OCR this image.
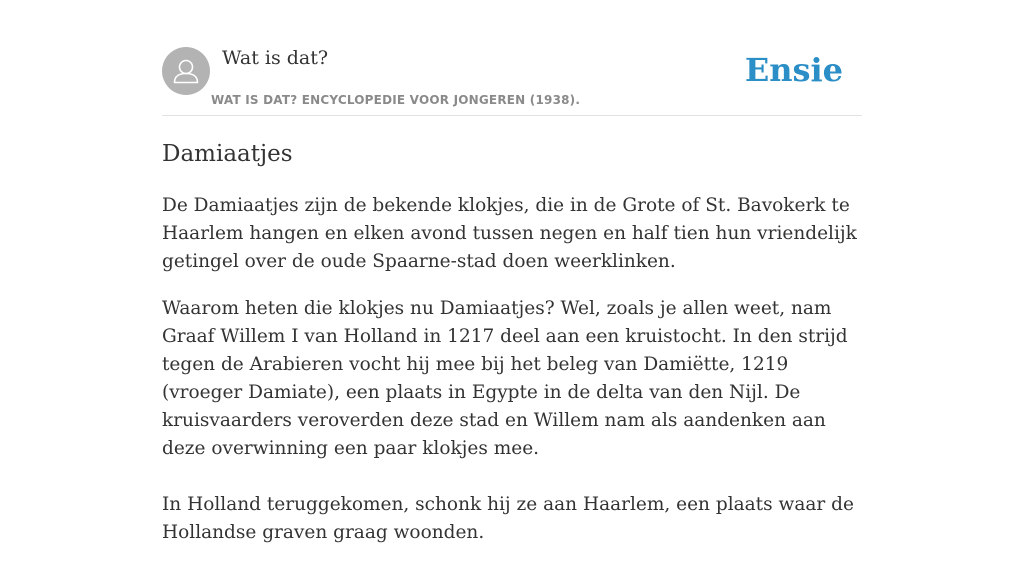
Wat is dat?
WAT IS DAT? ENCYCLOPEDIE VOOR JONGEREN (1938).
Ensie
Damiaatjes

De Damiaatjes zijn de bekende klokjes, die in de Grote of St. Bavokerk te Haarlem hangen en elken avond tussen negen en half tien hun vriendelijk getingel over de oude Spaarne-stad doen weerklinken.

Waarom heten die klokjes nu Damiaatjes? Wel, zoals je allen weet, nam Graaf Willem I van Holland in 1217 deel aan een kruistocht. In den strijd tegen de Arabieren vocht hij mee bij het beleg van Damiëtte, 1219 (vroeger Damiate), een plaats in Egypte in de delta van den Nijl. De kruisvaarders veroverden deze stad en Willem nam als aandenken aan deze overwinning een paar klokjes mee.

In Holland teruggekomen, schonk hij ze aan Haarlem, een plaats waar de Hollandse graven graag woonden.
